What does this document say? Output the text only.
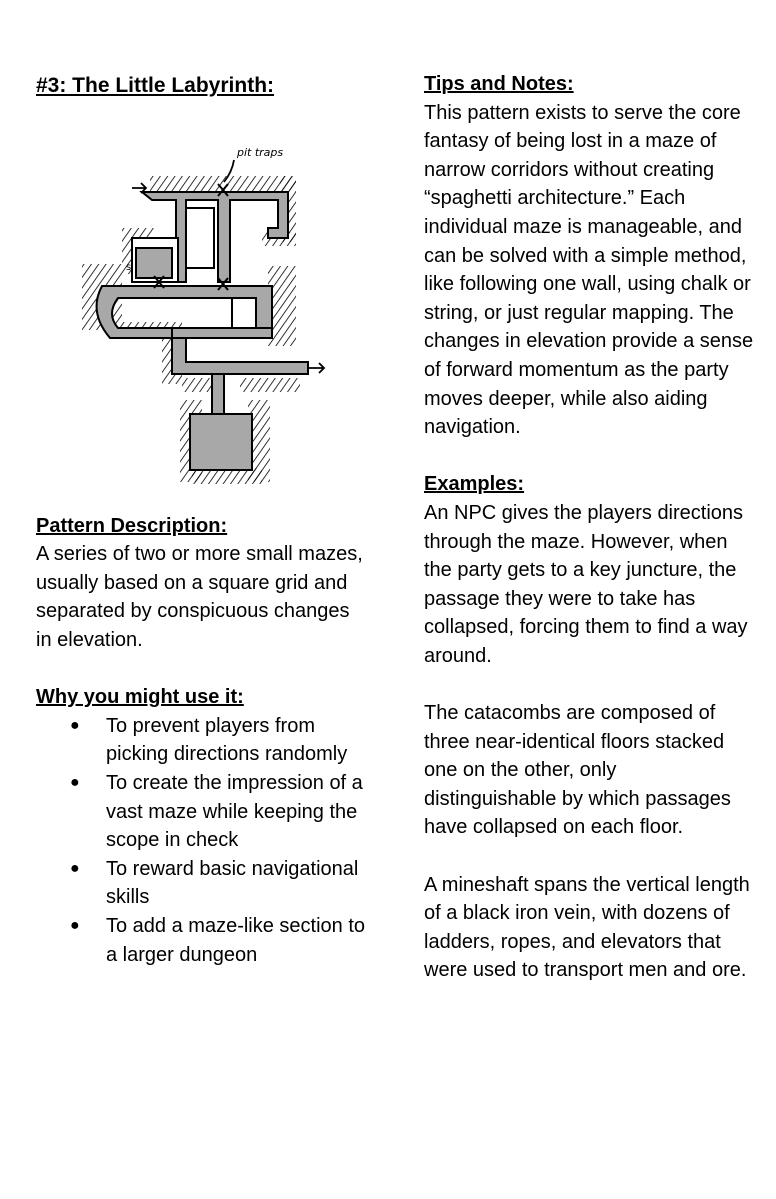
#3: The Little Labyrinth:
Pattern Description:
A series of two or more small mazes, usually based on a square grid and separated by conspicuous changes in elevation.
Why you might use it:
● To prevent players from picking directions randomly
● To create the impression of a vast maze while keeping the scope in check
● To reward basic navigational skills
● To add a maze-like section to a larger dungeon
pit traps
s
Tips and Notes:
This pattern exists to serve the core fantasy of being lost in a maze of narrow corridors without creating “spaghetti architecture.” Each individual maze is manageable, and can be solved with a simple method, like following one wall, using chalk or string, or just regular mapping. The changes in elevation provide a sense of forward momentum as the party moves deeper, while also aiding navigation.
Examples:
An NPC gives the players directions through the maze. However, when the party gets to a key juncture, the passage they were to take has collapsed, forcing them to find a way around.
The catacombs are composed of three near-identical floors stacked one on the other, only distinguishable by which passages have collapsed on each floor.
A mineshaft spans the vertical length of a black iron vein, with dozens of ladders, ropes, and elevators that were used to transport men and ore.
